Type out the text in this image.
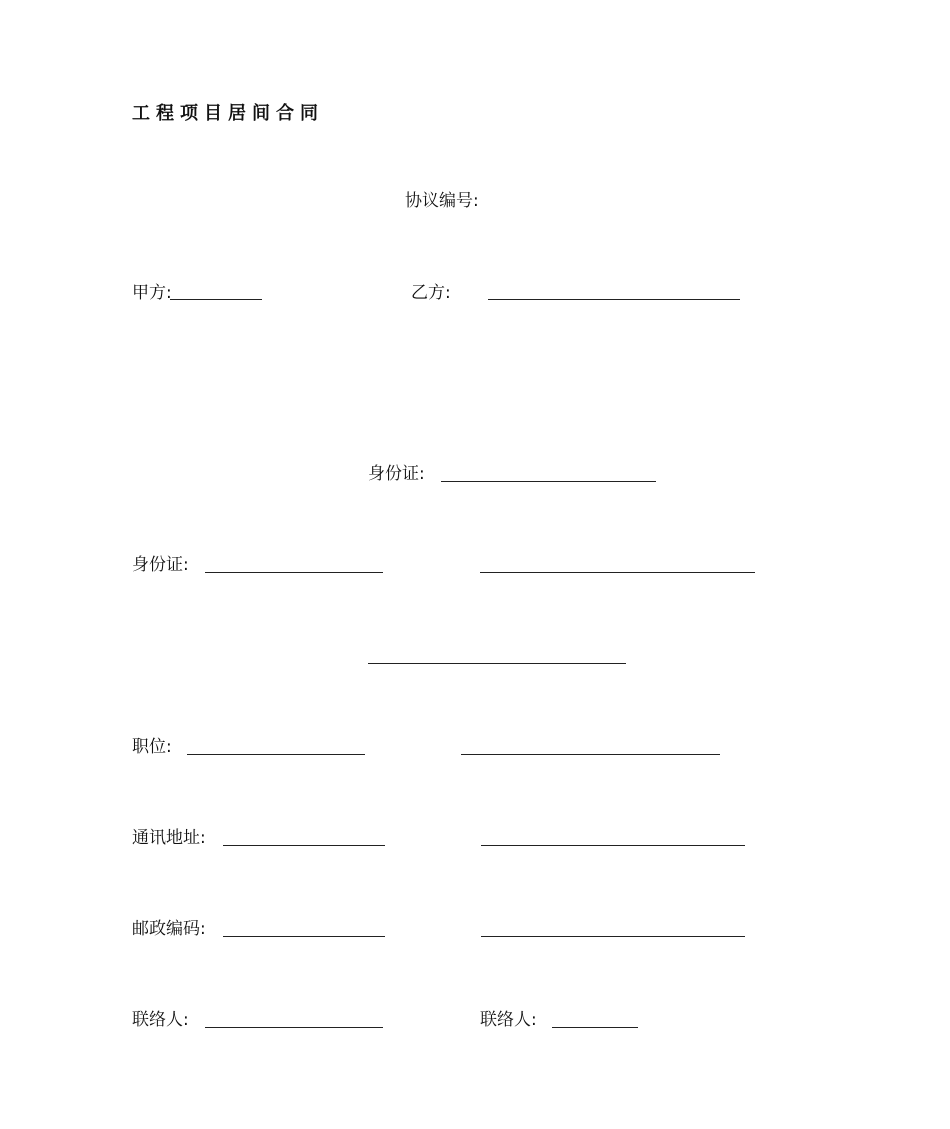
工程项目居间合同
协议编号:
甲方:	乙方:
身份证:
身份证:
职位:
通讯地址:
邮政编码:
联络人:	联络人:
